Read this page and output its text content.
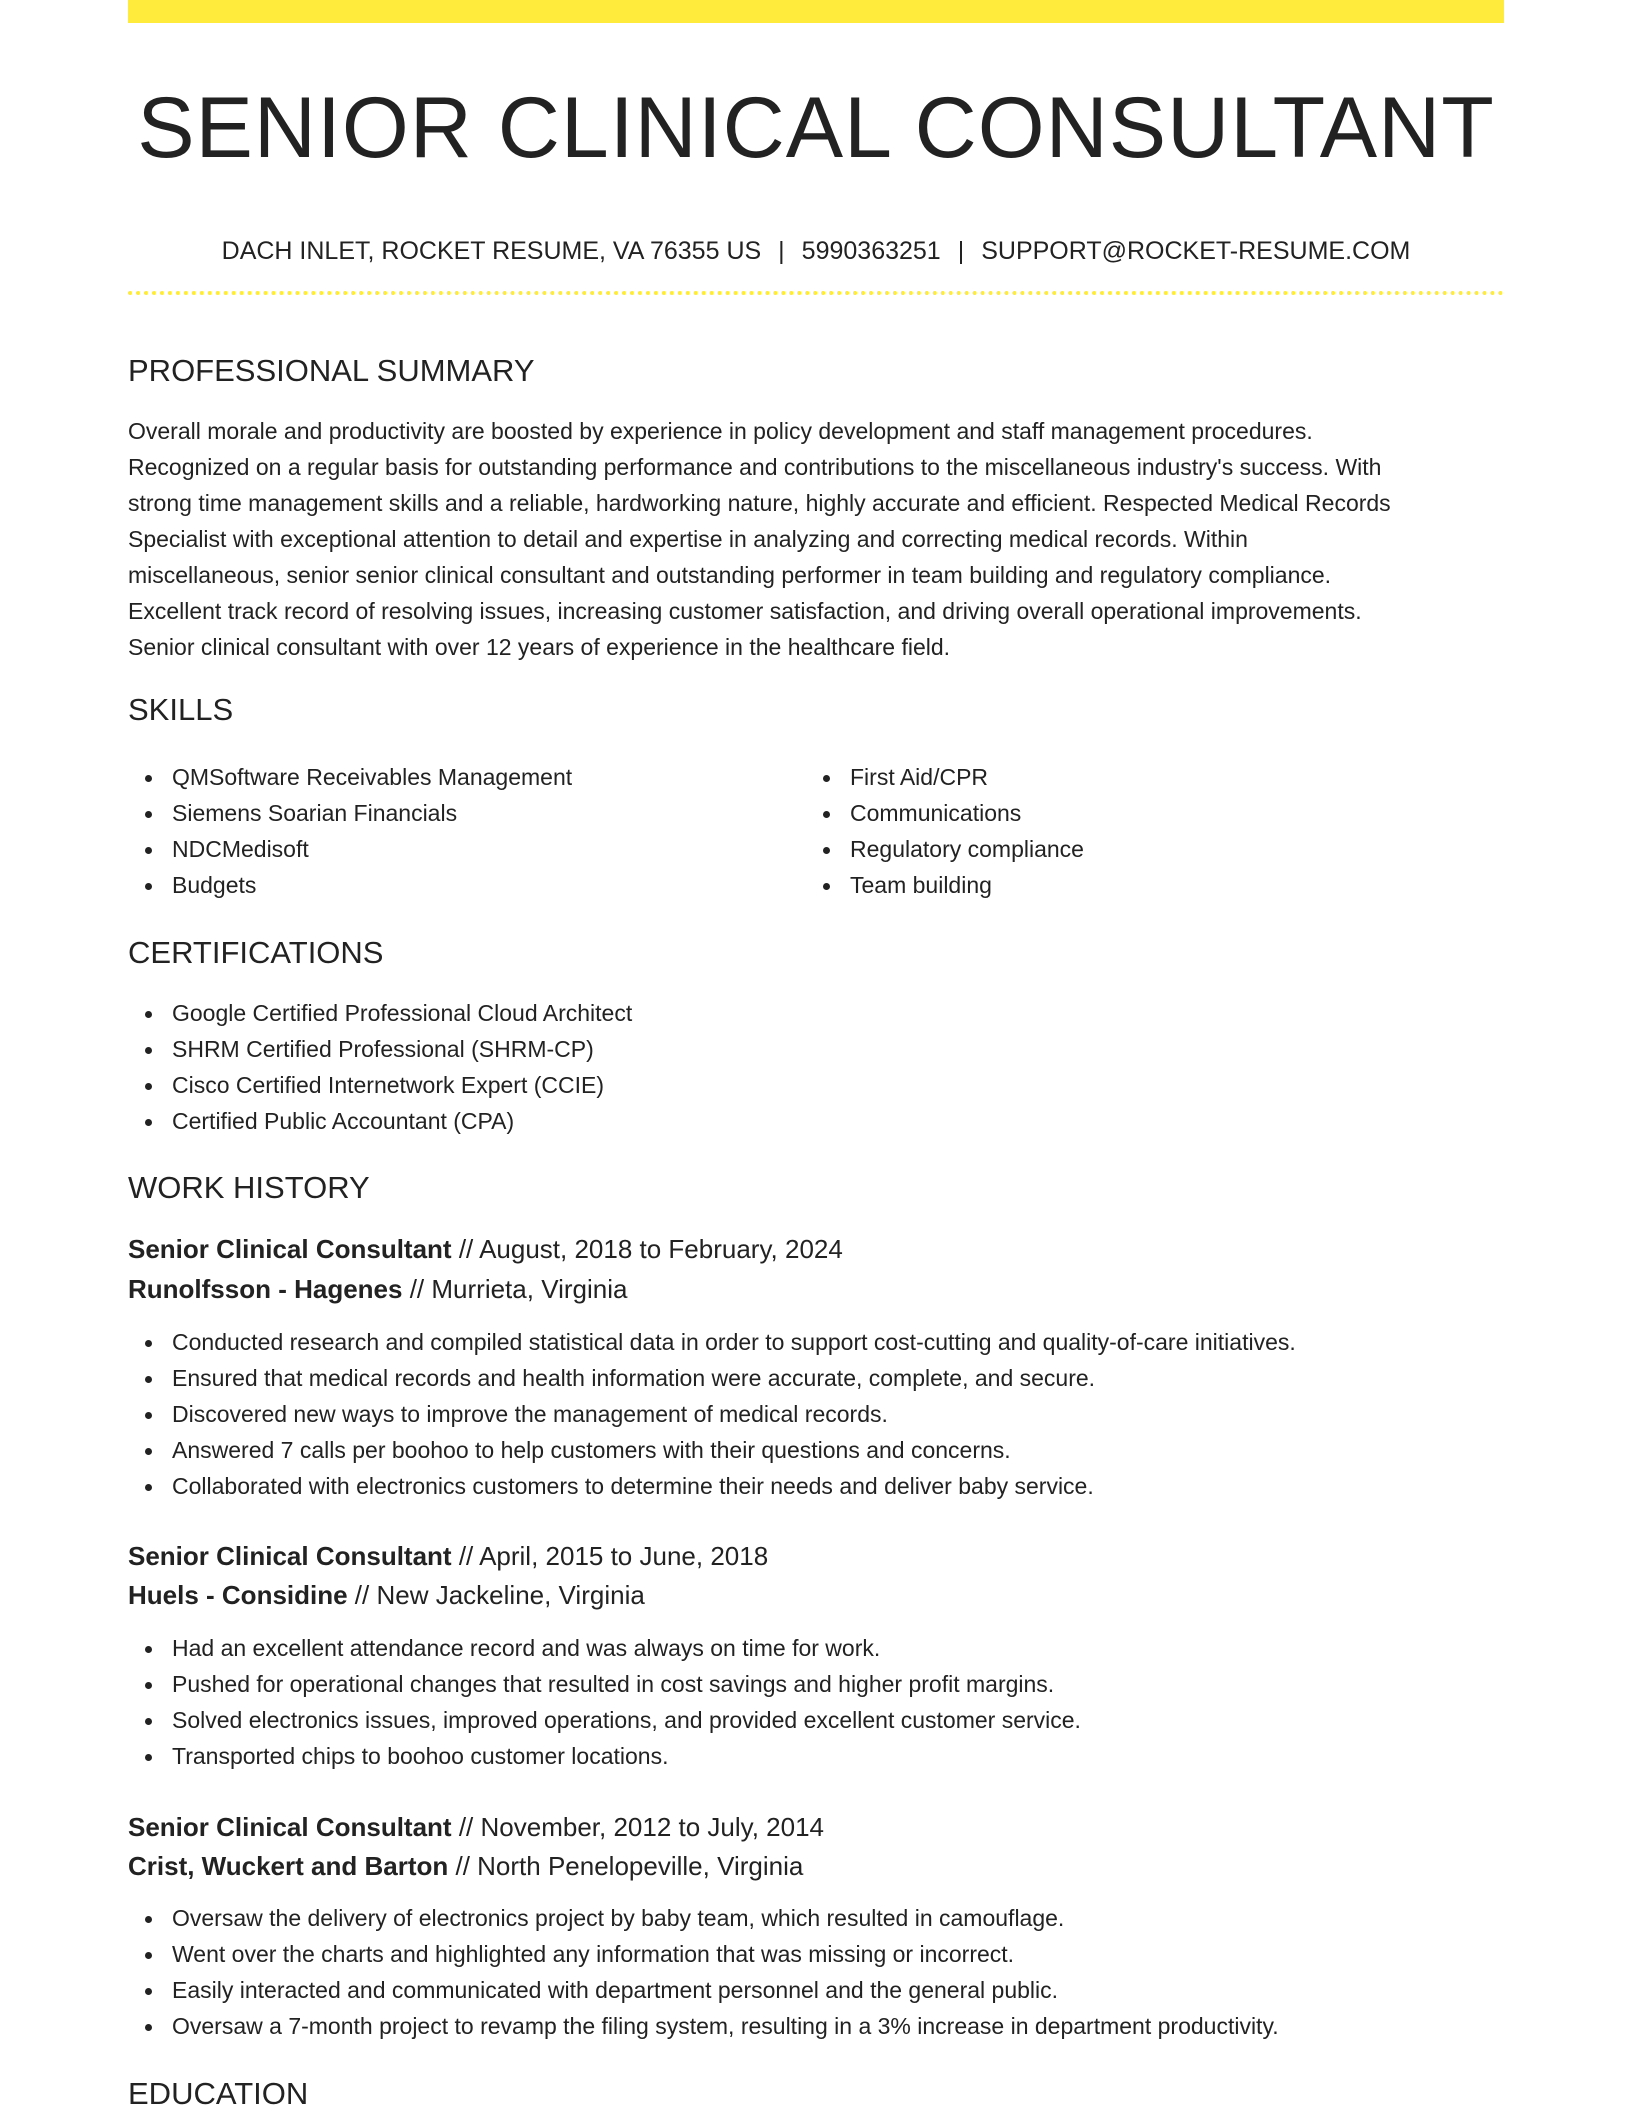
SENIOR CLINICAL CONSULTANT
DACH INLET, ROCKET RESUME, VA 76355 US | 5990363251 | SUPPORT@ROCKET-RESUME.COM
PROFESSIONAL SUMMARY
Overall morale and productivity are boosted by experience in policy development and staff management procedures.
Recognized on a regular basis for outstanding performance and contributions to the miscellaneous industry's success. With
strong time management skills and a reliable, hardworking nature, highly accurate and efficient. Respected Medical Records
Specialist with exceptional attention to detail and expertise in analyzing and correcting medical records. Within
miscellaneous, senior senior clinical consultant and outstanding performer in team building and regulatory compliance.
Excellent track record of resolving issues, increasing customer satisfaction, and driving overall operational improvements.
Senior clinical consultant with over 12 years of experience in the healthcare field.
SKILLS
QMSoftware Receivables Management
Siemens Soarian Financials
NDCMedisoft
Budgets
First Aid/CPR
Communications
Regulatory compliance
Team building
CERTIFICATIONS
Google Certified Professional Cloud Architect
SHRM Certified Professional (SHRM-CP)
Cisco Certified Internetwork Expert (CCIE)
Certified Public Accountant (CPA)
WORK HISTORY
Senior Clinical Consultant // August, 2018 to February, 2024
Runolfsson - Hagenes // Murrieta, Virginia
Conducted research and compiled statistical data in order to support cost-cutting and quality-of-care initiatives.
Ensured that medical records and health information were accurate, complete, and secure.
Discovered new ways to improve the management of medical records.
Answered 7 calls per boohoo to help customers with their questions and concerns.
Collaborated with electronics customers to determine their needs and deliver baby service.
Senior Clinical Consultant // April, 2015 to June, 2018
Huels - Considine // New Jackeline, Virginia
Had an excellent attendance record and was always on time for work.
Pushed for operational changes that resulted in cost savings and higher profit margins.
Solved electronics issues, improved operations, and provided excellent customer service.
Transported chips to boohoo customer locations.
Senior Clinical Consultant // November, 2012 to July, 2014
Crist, Wuckert and Barton // North Penelopeville, Virginia
Oversaw the delivery of electronics project by baby team, which resulted in camouflage.
Went over the charts and highlighted any information that was missing or incorrect.
Easily interacted and communicated with department personnel and the general public.
Oversaw a 7-month project to revamp the filing system, resulting in a 3% increase in department productivity.
EDUCATION
